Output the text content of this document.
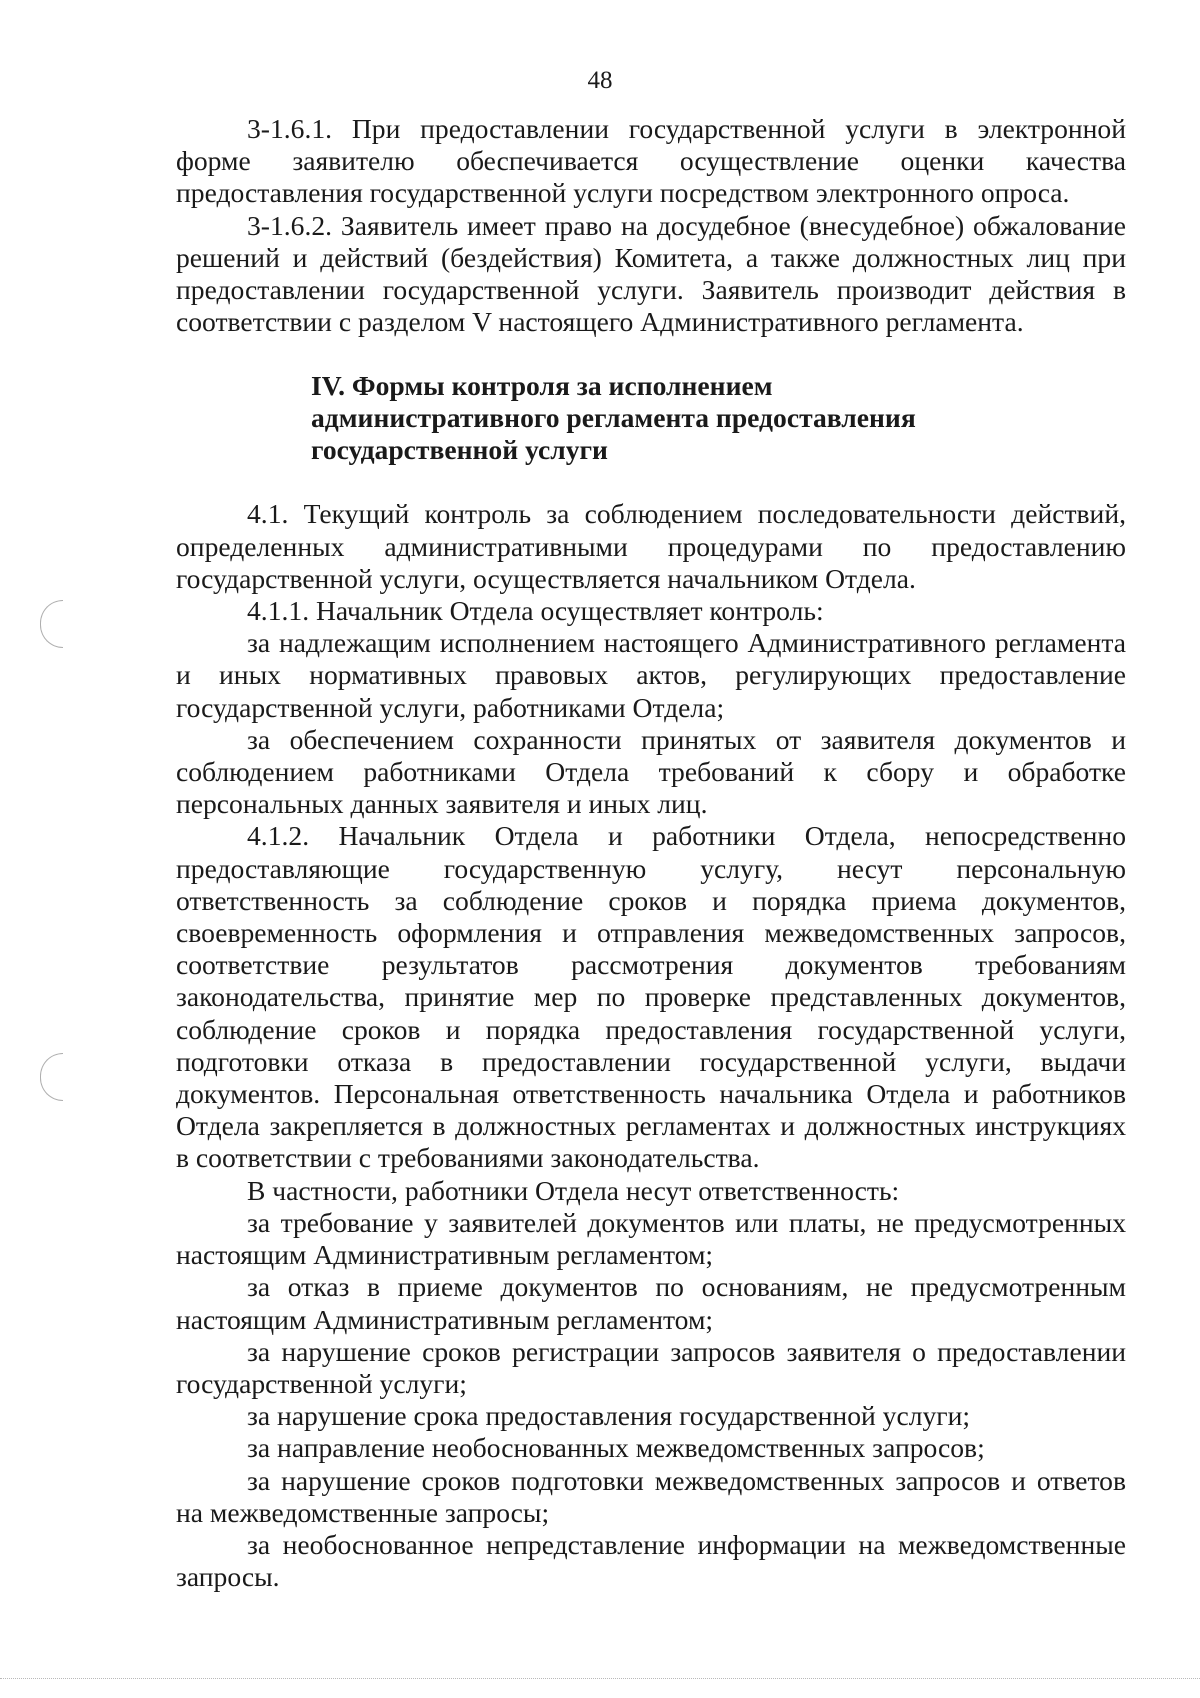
48

3-1.6.1. При предоставлении государственной услуги в электронной форме заявителю обеспечивается осуществление оценки качества предоставления государственной услуги посредством электронного опроса.

3-1.6.2. Заявитель имеет право на досудебное (внесудебное) обжалование решений и действий (бездействия) Комитета, а также должностных лиц при предоставлении государственной услуги. Заявитель производит действия в соответствии с разделом V настоящего Административного регламента.

IV. Формы контроля за исполнением административного регламента предоставления государственной услуги

4.1. Текущий контроль за соблюдением последовательности действий, определенных административными процедурами по предоставлению государственной услуги, осуществляется начальником Отдела.

4.1.1. Начальник Отдела осуществляет контроль:

за надлежащим исполнением настоящего Административного регламента и иных нормативных правовых актов, регулирующих предоставление государственной услуги, работниками Отдела;

за обеспечением сохранности принятых от заявителя документов и соблюдением работниками Отдела требований к сбору и обработке персональных данных заявителя и иных лиц.

4.1.2. Начальник Отдела и работники Отдела, непосредственно предоставляющие государственную услугу, несут персональную ответственность за соблюдение сроков и порядка приема документов, своевременность оформления и отправления межведомственных запросов, соответствие результатов рассмотрения документов требованиям законодательства, принятие мер по проверке представленных документов, соблюдение сроков и порядка предоставления государственной услуги, подготовки отказа в предоставлении государственной услуги, выдачи документов. Персональная ответственность начальника Отдела и работников Отдела закрепляется в должностных регламентах и должностных инструкциях в соответствии с требованиями законодательства.

В частности, работники Отдела несут ответственность:

за требование у заявителей документов или платы, не предусмотренных настоящим Административным регламентом;

за отказ в приеме документов по основаниям, не предусмотренным настоящим Административным регламентом;

за нарушение сроков регистрации запросов заявителя о предоставлении государственной услуги;

за нарушение срока предоставления государственной услуги;

за направление необоснованных межведомственных запросов;

за нарушение сроков подготовки межведомственных запросов и ответов на межведомственные запросы;

за необоснованное непредставление информации на межведомственные запросы.
